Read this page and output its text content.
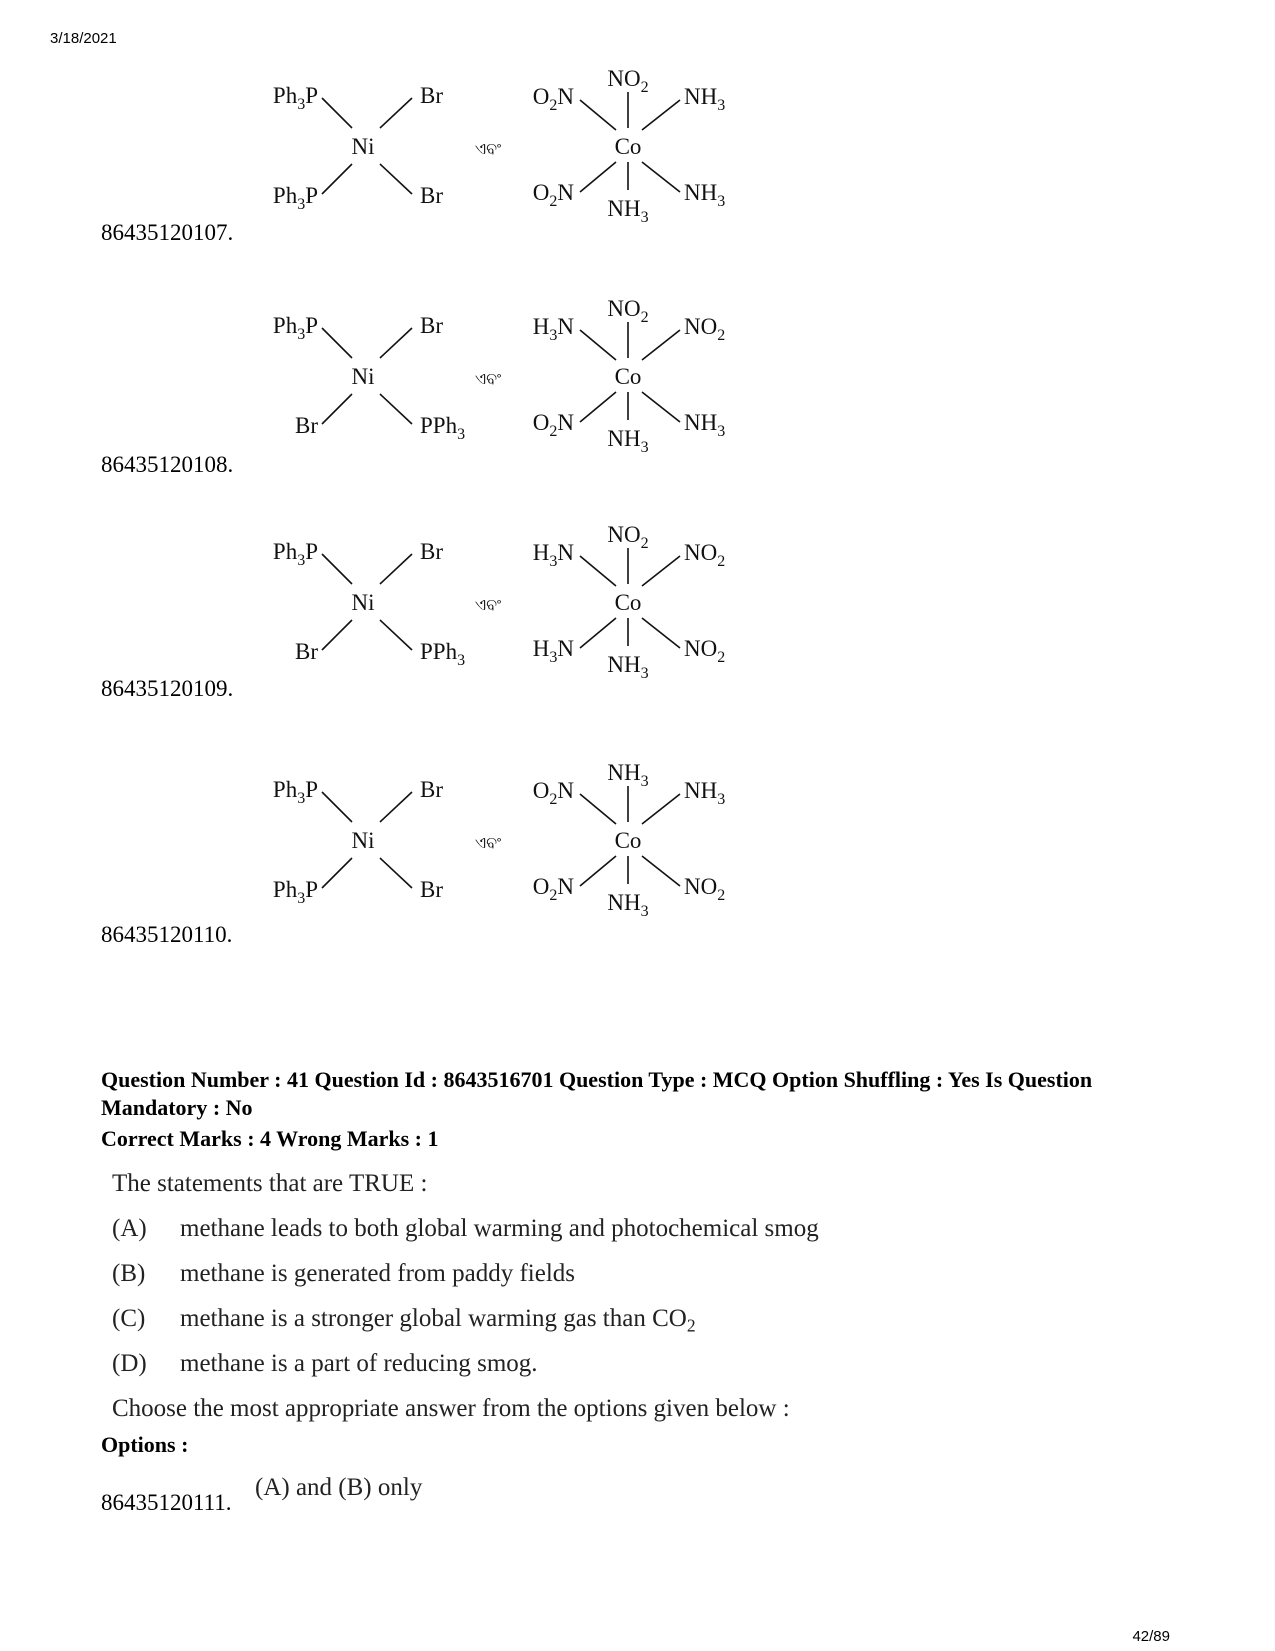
3/18/2021
86435120107.
Ni
Ph3P	Br
Ph3P	Br
ଏବଂ	Co
NO2
O2N	NH3
O2N	NH3
NH3
86435120108.
Ni
Ph3P	Br
Br	PPh3
ଏବଂ	Co
NO2
H3N	NO2
O2N	NH3
NH3
86435120109.
Ni
Ph3P	Br
Br	PPh3
ଏବଂ	Co
NO2
H3N	NO2
H3N	NO2
NH3
86435120110.
Ni
Ph3P	Br
Ph3P	Br
ଏବଂ	Co
NH3
O2N	NH3
O2N	NO2
NH3
Question Number : 41 Question Id : 8643516701 Question Type : MCQ Option Shuffling : Yes Is Question Mandatory : No
Correct Marks : 4 Wrong Marks : 1
The statements that are TRUE :
(A)	methane leads to both global warming and photochemical smog
(B)	methane is generated from paddy fields
(C)	methane is a stronger global warming gas than $CO_2$
(D)	methane is a part of reducing smog.
Choose the most appropriate answer from the options given below :
Options :
86435120111.
(A) and (B) only
42/89
